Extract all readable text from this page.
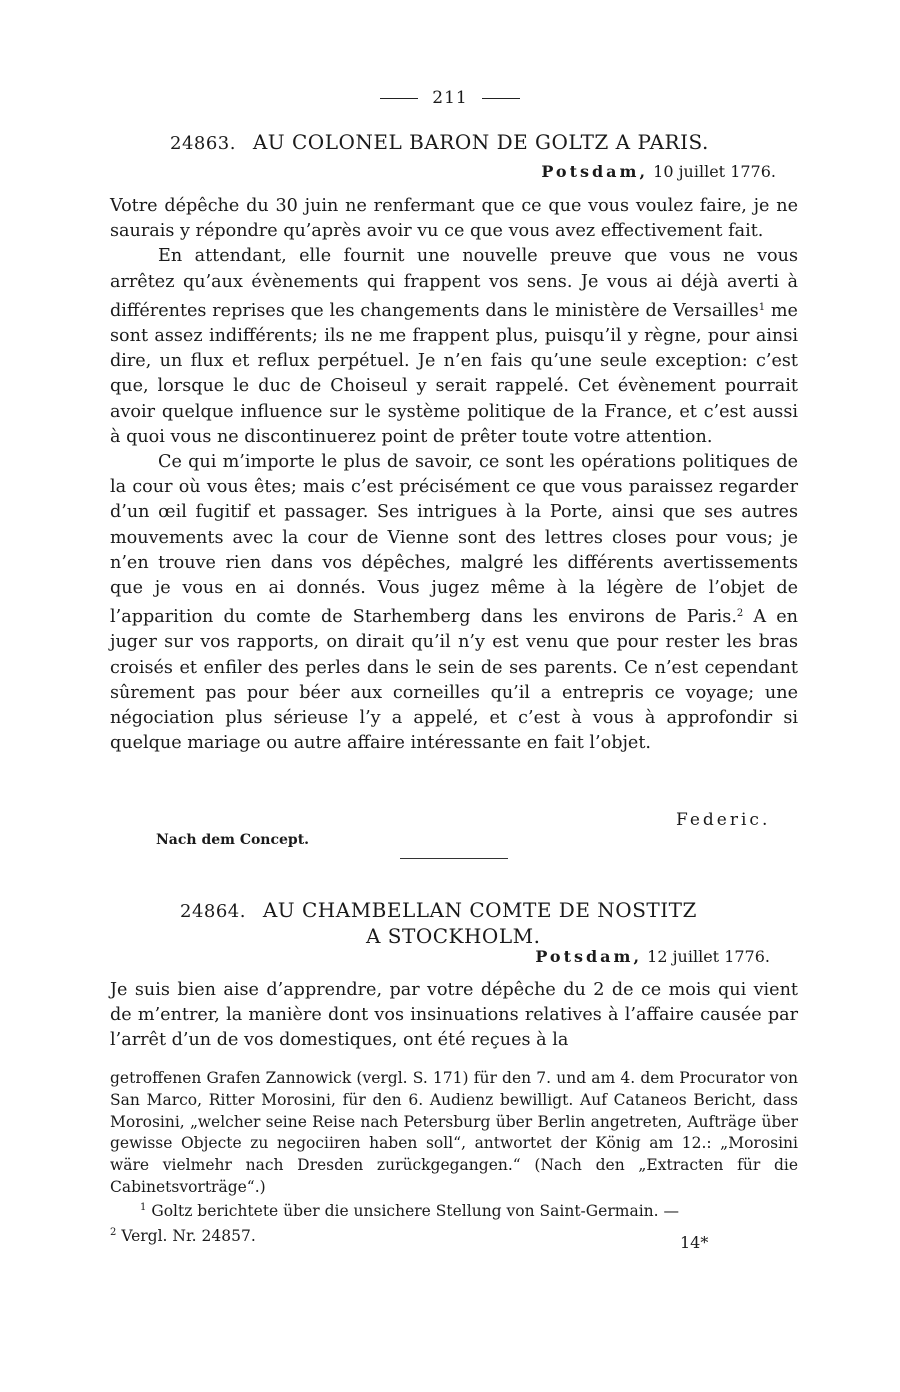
211
24863. AU COLONEL BARON DE GOLTZ A PARIS.
Potsdam, 10 juillet 1776.

Votre dépêche du 30 juin ne renfermant que ce que vous voulez faire, je ne saurais y répondre qu’après avoir vu ce que vous avez effectivement fait.

En attendant, elle fournit une nouvelle preuve que vous ne vous arrêtez qu’aux évènements qui frappent vos sens. Je vous ai déjà averti à différentes reprises que les changements dans le ministère de Versailles$^1$ me sont assez indifférents; ils ne me frappent plus, puisqu’il y règne, pour ainsi dire, un flux et reflux perpétuel. Je n’en fais qu’une seule exception: c’est que, lorsque le duc de Choiseul y serait rappelé. Cet évènement pourrait avoir quelque influence sur le système politique de la France, et c’est aussi à quoi vous ne discontinuerez point de prêter toute votre attention.

Ce qui m’importe le plus de savoir, ce sont les opérations politiques de la cour où vous êtes; mais c’est précisément ce que vous paraissez regarder d’un œil fugitif et passager. Ses intrigues à la Porte, ainsi que ses autres mouvements avec la cour de Vienne sont des lettres closes pour vous; je n’en trouve rien dans vos dépêches, malgré les différents avertissements que je vous en ai donnés. Vous jugez même à la légère de l’objet de l’apparition du comte de Starhemberg dans les environs de Paris.$^2$ A en juger sur vos rapports, on dirait qu’il n’y est venu que pour rester les bras croisés et enfiler des perles dans le sein de ses parents. Ce n’est cependant sûrement pas pour béer aux corneilles qu’il a entrepris ce voyage; une négociation plus sérieuse l’y a appelé, et c’est à vous à approfondir si quelque mariage ou autre affaire intéressante en fait l’objet.

Federic.
Nach dem Concept.
24864. AU CHAMBELLAN COMTE DE NOSTITZ
A STOCKHOLM.
Potsdam, 12 juillet 1776.

Je suis bien aise d’apprendre, par votre dépêche du 2 de ce mois qui vient de m’entrer, la manière dont vos insinuations relatives à l’affaire causée par l’arrêt d’un de vos domestiques, ont été reçues à la

getroffenen Grafen Zannowick (vergl. S. 171) für den 7. und am 4. dem Procurator von San Marco, Ritter Morosini, für den 6. Audienz bewilligt. Auf Cataneos Bericht, dass Morosini, „welcher seine Reise nach Petersburg über Berlin angetreten, Aufträge über gewisse Objecte zu negociiren haben soll“, antwortet der König am 12.: „Morosini wäre vielmehr nach Dresden zurückgegangen.“ (Nach den „Extracten für die Cabinetsvorträge“.)

$^1$ Goltz berichtete über die unsichere Stellung von Saint-Germain. —

$^2$ Vergl. Nr. 24857.	14*
